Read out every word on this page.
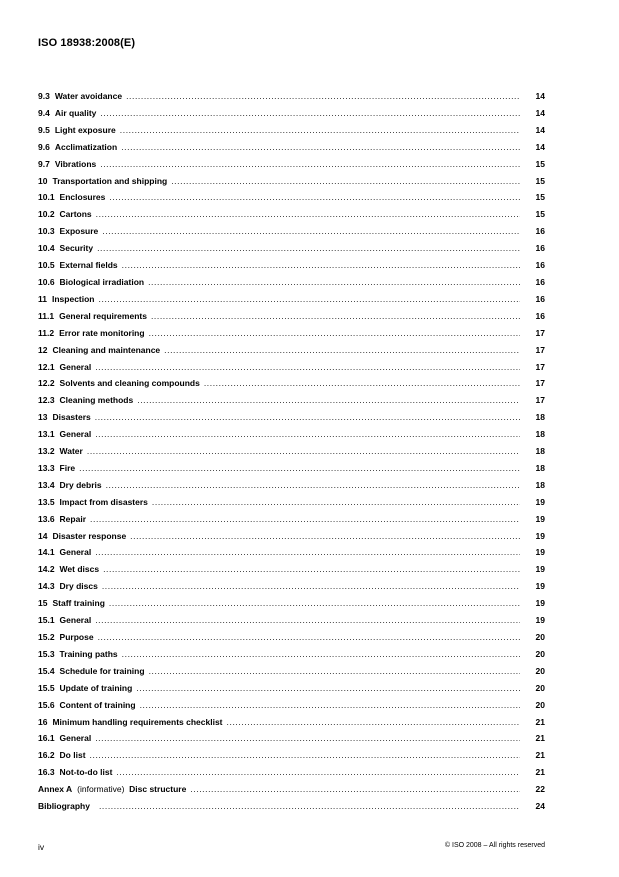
ISO 18938:2008(E)
9.3 Water avoidance .....	14
9.4 Air quality .....	14
9.5 Light exposure .....	14
9.6 Acclimatization .....	14
9.7 Vibrations .....	15
10 Transportation and shipping .....	15
10.1 Enclosures .....	15
10.2 Cartons .....	15
10.3 Exposure .....	16
10.4 Security .....	16
10.5 External fields .....	16
10.6 Biological irradiation .....	16
11 Inspection .....	16
11.1 General requirements .....	16
11.2 Error rate monitoring .....	17
12 Cleaning and maintenance .....	17
12.1 General .....	17
12.2 Solvents and cleaning compounds .....	17
12.3 Cleaning methods .....	17
13 Disasters .....	18
13.1 General .....	18
13.2 Water .....	18
13.3 Fire .....	18
13.4 Dry debris .....	18
13.5 Impact from disasters .....	19
13.6 Repair .....	19
14 Disaster response .....	19
14.1 General .....	19
14.2 Wet discs .....	19
14.3 Dry discs .....	19
15 Staff training .....	19
15.1 General .....	19
15.2 Purpose .....	20
15.3 Training paths .....	20
15.4 Schedule for training .....	20
15.5 Update of training .....	20
15.6 Content of training .....	20
16 Minimum handling requirements checklist .....	21
16.1 General .....	21
16.2 Do list .....	21
16.3 Not-to-do list .....	21
Annex A (informative) Disc structure .....	22
Bibliography .....	24
iv	© ISO 2008 – All rights reserved
